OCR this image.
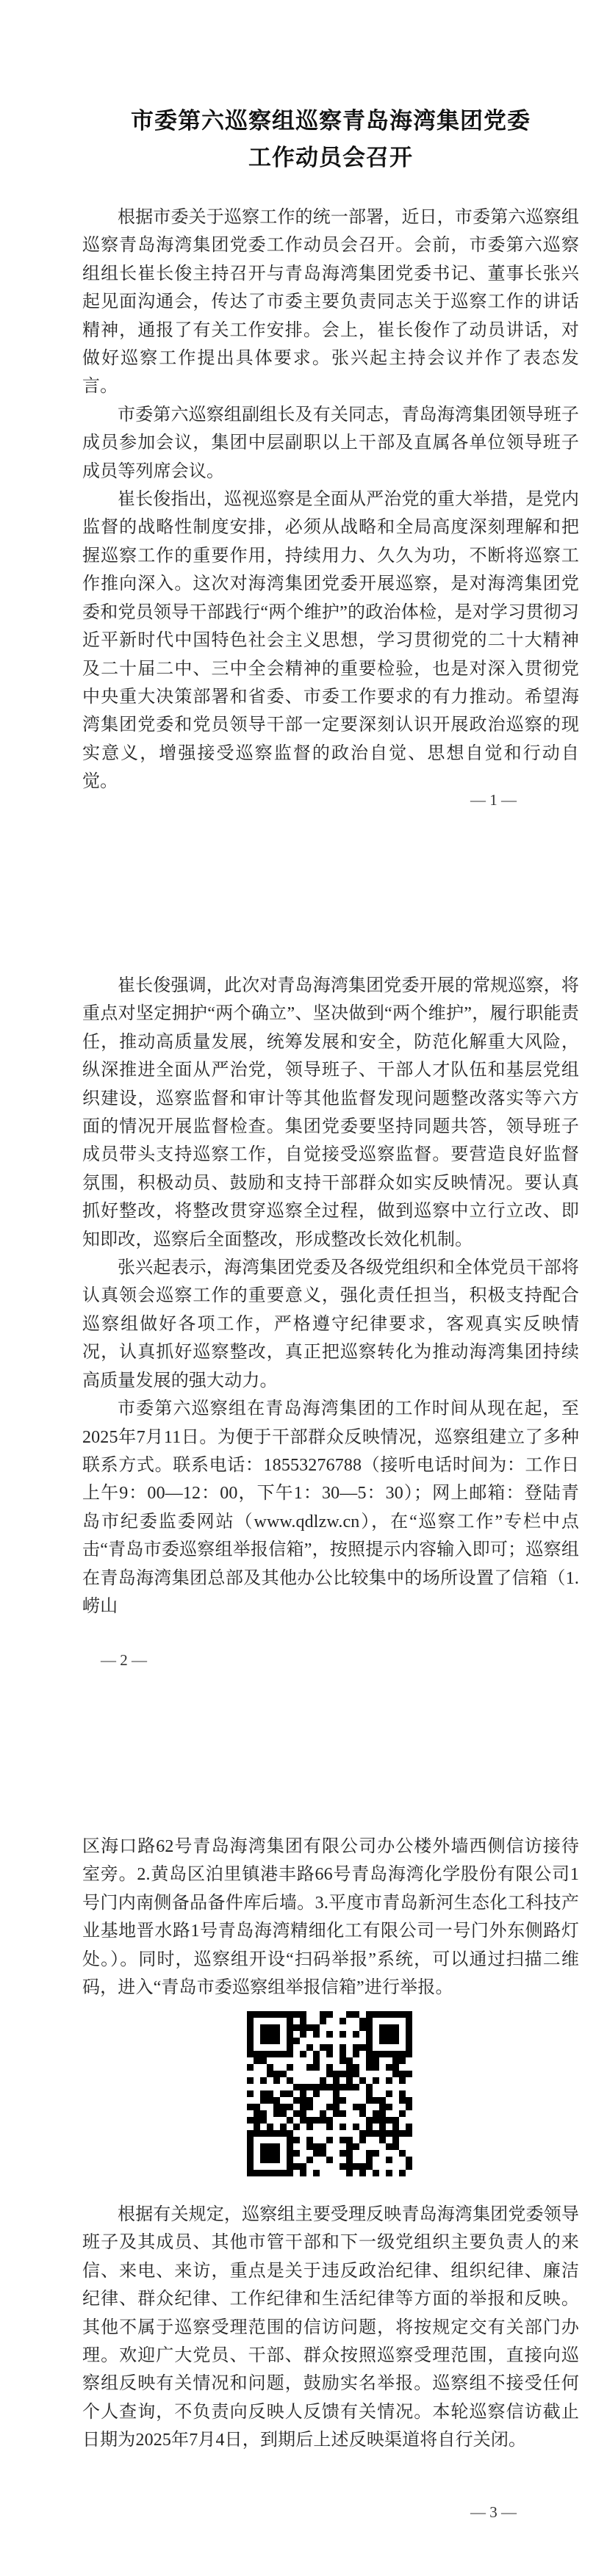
市委第六巡察组巡察青岛海湾集团党委
工作动员会召开

根据市委关于巡察工作的统一部署，近日，市委第六巡察组巡察青岛海湾集团党委工作动员会召开。会前，市委第六巡察组组长崔长俊主持召开与青岛海湾集团党委书记、董事长张兴起见面沟通会，传达了市委主要负责同志关于巡察工作的讲话精神，通报了有关工作安排。会上，崔长俊作了动员讲话，对做好巡察工作提出具体要求。张兴起主持会议并作了表态发言。

市委第六巡察组副组长及有关同志，青岛海湾集团领导班子成员参加会议，集团中层副职以上干部及直属各单位领导班子成员等列席会议。

崔长俊指出，巡视巡察是全面从严治党的重大举措，是党内监督的战略性制度安排，必须从战略和全局高度深刻理解和把握巡察工作的重要作用，持续用力、久久为功，不断将巡察工作推向深入。这次对海湾集团党委开展巡察，是对海湾集团党委和党员领导干部践行“两个维护”的政治体检，是对学习贯彻习近平新时代中国特色社会主义思想，学习贯彻党的二十大精神及二十届二中、三中全会精神的重要检验，也是对深入贯彻党中央重大决策部署和省委、市委工作要求的有力推动。希望海湾集团党委和党员领导干部一定要深刻认识开展政治巡察的现实意义，增强接受巡察监督的政治自觉、思想自觉和行动自觉。

— 1 —

崔长俊强调，此次对青岛海湾集团党委开展的常规巡察，将重点对坚定拥护“两个确立”、坚决做到“两个维护”，履行职能责任，推动高质量发展，统筹发展和安全，防范化解重大风险，纵深推进全面从严治党，领导班子、干部人才队伍和基层党组织建设，巡察监督和审计等其他监督发现问题整改落实等六方面的情况开展监督检查。集团党委要坚持同题共答，领导班子成员带头支持巡察工作，自觉接受巡察监督。要营造良好监督氛围，积极动员、鼓励和支持干部群众如实反映情况。要认真抓好整改，将整改贯穿巡察全过程，做到巡察中立行立改、即知即改，巡察后全面整改，形成整改长效化机制。

张兴起表示，海湾集团党委及各级党组织和全体党员干部将认真领会巡察工作的重要意义，强化责任担当，积极支持配合巡察组做好各项工作，严格遵守纪律要求，客观真实反映情况，认真抓好巡察整改，真正把巡察转化为推动海湾集团持续高质量发展的强大动力。

市委第六巡察组在青岛海湾集团的工作时间从现在起，至2025年7月11日。为便于干部群众反映情况，巡察组建立了多种联系方式。联系电话：18553276788（接听电话时间为：工作日上午9：00—12：00，下午1：30—5：30）；网上邮箱：登陆青岛市纪委监委网站（www.qdlzw.cn），在“巡察工作”专栏中点击“青岛市委巡察组举报信箱”，按照提示内容输入即可；巡察组在青岛海湾集团总部及其他办公比较集中的场所设置了信箱（1.崂山

— 2 —

区海口路62号青岛海湾集团有限公司办公楼外墙西侧信访接待室旁。2.黄岛区泊里镇港丰路66号青岛海湾化学股份有限公司1号门内南侧备品备件库后墙。3.平度市青岛新河生态化工科技产业基地晋水路1号青岛海湾精细化工有限公司一号门外东侧路灯处。）。同时，巡察组开设“扫码举报”系统，可以通过扫描二维码，进入“青岛市委巡察组举报信箱”进行举报。

根据有关规定，巡察组主要受理反映青岛海湾集团党委领导班子及其成员、其他市管干部和下一级党组织主要负责人的来信、来电、来访，重点是关于违反政治纪律、组织纪律、廉洁纪律、群众纪律、工作纪律和生活纪律等方面的举报和反映。其他不属于巡察受理范围的信访问题，将按规定交有关部门办理。欢迎广大党员、干部、群众按照巡察受理范围，直接向巡察组反映有关情况和问题，鼓励实名举报。巡察组不接受任何个人查询，不负责向反映人反馈有关情况。本轮巡察信访截止日期为2025年7月4日，到期后上述反映渠道将自行关闭。

— 3 —
